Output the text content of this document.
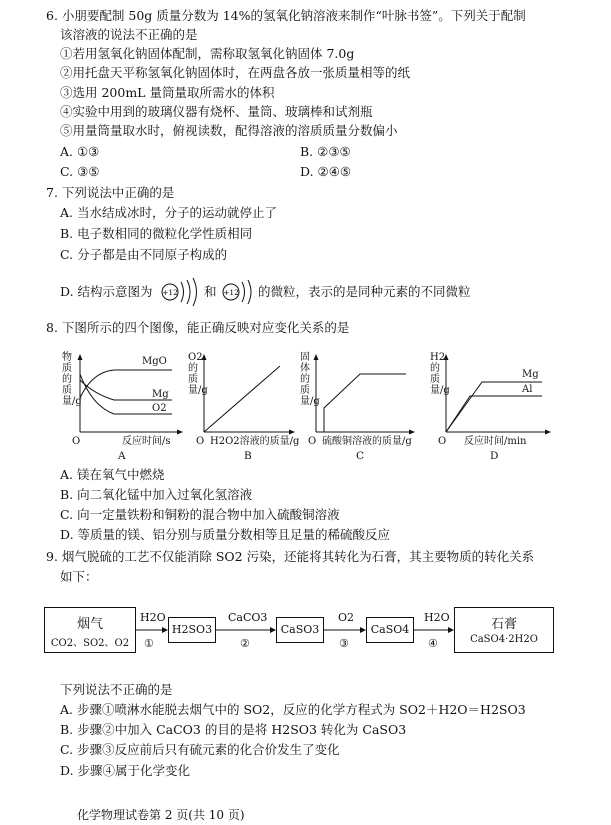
6. 小朋要配制 50g 质量分数为 14%的氢氧化钠溶液来制作“叶脉书签”。下列关于配制
该溶液的说法不正确的是
①若用氢氧化钠固体配制，需称取氢氧化钠固体 7.0g
②用托盘天平称氢氧化钠固体时，在两盘各放一张质量相等的纸
③选用 200mL 量筒量取所需水的体积
④实验中用到的玻璃仪器有烧杯、量筒、玻璃棒和试剂瓶
⑤用量筒量取水时，俯视读数，配得溶液的溶质质量分数偏小
A. ①③	B. ②③⑤
C. ③⑤	D. ②④⑤
7. 下列说法中正确的是
A. 当水结成冰时，分子的运动就停止了
B. 电子数相同的微粒化学性质相同
C. 分子都是由不同原子构成的
D. 结构示意图为 +12 和 +12 的微粒，表示的是同种元素的不同微粒
8. 下图所示的四个图像，能正确反映对应变化关系的是
物质的质量/g
MgO
Mg
O2
O	反应时间/s
A
O2的质量/g
O H2O2溶液的质量/g
B
固体的质量/g
O 硫酸铜溶液的质量/g
C
H2的质量/g
Mg
Al
O 反应时间/min
D
A. 镁在氧气中燃烧
B. 向二氧化锰中加入过氧化氢溶液
C. 向一定量铁粉和铜粉的混合物中加入硫酸铜溶液
D. 等质量的镁、铝分别与质量分数相等且足量的稀硫酸反应
9. 烟气脱硫的工艺不仅能消除 SO2 污染，还能将其转化为石膏，其主要物质的转化关系
如下：
烟气
CO2、SO2、O2
H2O
①
H2SO3
CaCO3
②
CaSO3
O2
③
CaSO4
H2O
④
石膏
CaSO4·2H2O
下列说法不正确的是
A. 步骤①喷淋水能脱去烟气中的 SO2，反应的化学方程式为 SO2＋H2O＝H2SO3
B. 步骤②中加入 CaCO3 的目的是将 H2SO3 转化为 CaSO3
C. 步骤③反应前后只有硫元素的化合价发生了变化
D. 步骤④属于化学变化
化学物理试卷第 2 页(共 10 页)
